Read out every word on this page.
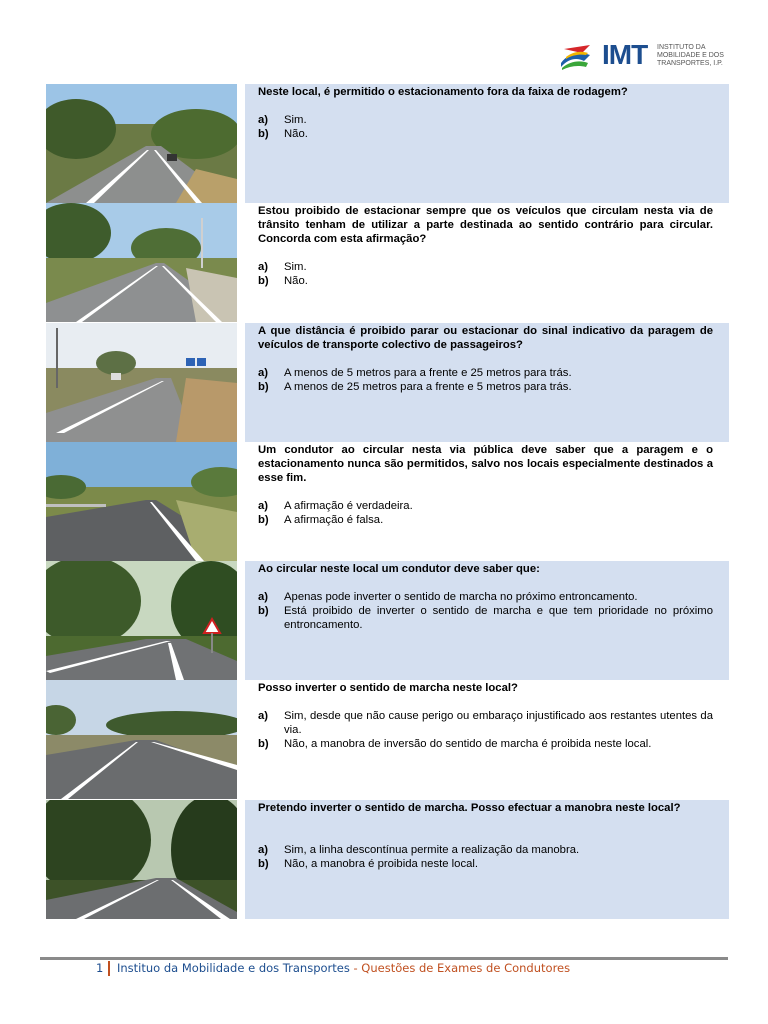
IMT INSTITUTO DA
MOBILIDADE E DOS
TRANSPORTES, I.P.
Neste local, é permitido o estacionamento fora da faixa de rodagem?
a)	Sim.
b)	Não.
Estou proibido de estacionar sempre que os veículos que circulam nesta via de trânsito tenham de utilizar a parte destinada ao sentido contrário para circular. Concorda com esta afirmação?
a)	Sim.
b)	Não.
A que distância é proibido parar ou estacionar do sinal indicativo da paragem de veículos de transporte colectivo de passageiros?
a)	A menos de 5 metros para a frente e 25 metros para trás.
b)	A menos de 25 metros para a frente e 5 metros para trás.
Um condutor ao circular nesta via pública deve saber que a paragem e o estacionamento nunca são permitidos, salvo nos locais especialmente destinados a esse fim.
a)	A afirmação é verdadeira.
b)	A afirmação é falsa.
Ao circular neste local um condutor deve saber que:
a)	Apenas pode inverter o sentido de marcha no próximo entroncamento.
b)	Está proibido de inverter o sentido de marcha e que tem prioridade no próximo entroncamento.
Posso inverter o sentido de marcha neste local?
a)	Sim, desde que não cause perigo ou embaraço injustificado aos restantes utentes da via.
b)	Não, a manobra de inversão do sentido de marcha é proibida neste local.
Pretendo inverter o sentido de marcha. Posso efectuar a manobra neste local?
a)	Sim, a linha descontínua permite a realização da manobra.
b)	Não, a manobra é proibida neste local.
1 Instituo da Mobilidade e dos Transportes - Questões de Exames de Condutores
